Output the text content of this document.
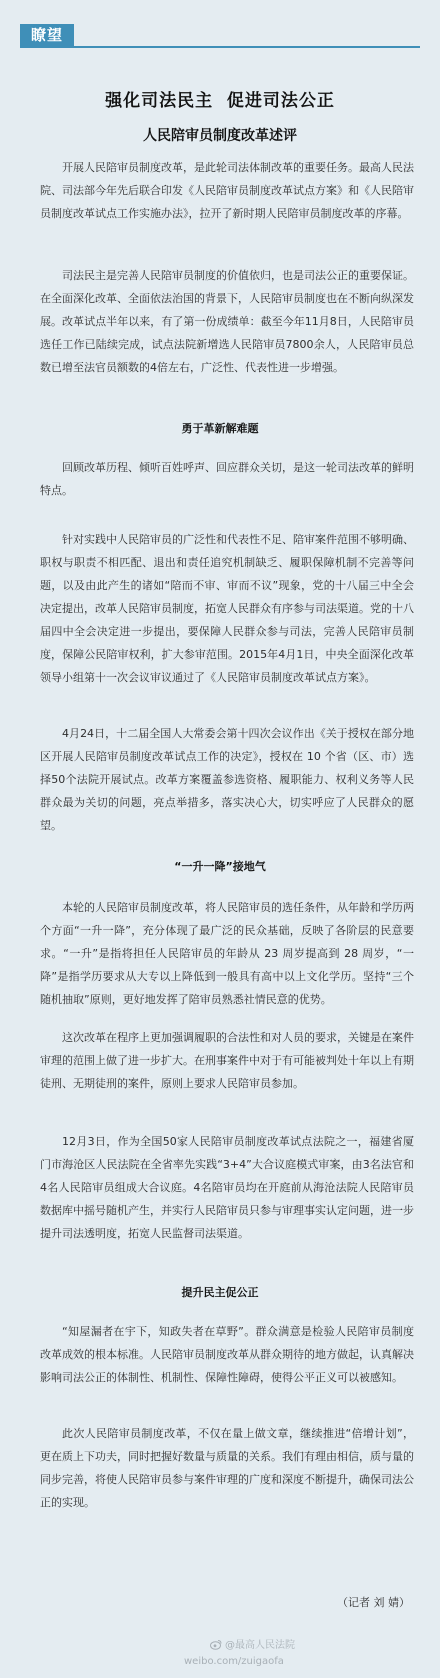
瞭望
强化司法民主  促进司法公正
人民陪审员制度改革述评

开展人民陪审员制度改革，是此轮司法体制改革的重要任务。最高人民法院、司法部今年先后联合印发《人民陪审员制度改革试点方案》和《人民陪审员制度改革试点工作实施办法》，拉开了新时期人民陪审员制度改革的序幕。

司法民主是完善人民陪审员制度的价值依归，也是司法公正的重要保证。在全面深化改革、全面依法治国的背景下，人民陪审员制度也在不断向纵深发展。改革试点半年以来，有了第一份成绩单：截至今年11月8日，人民陪审员选任工作已陆续完成，试点法院新增选人民陪审员7800余人，人民陪审员总数已增至法官员额数的4倍左右，广泛性、代表性进一步增强。

勇于革新解难题

回顾改革历程、倾听百姓呼声、回应群众关切，是这一轮司法改革的鲜明特点。

针对实践中人民陪审员的广泛性和代表性不足、陪审案件范围不够明确、职权与职责不相匹配、退出和责任追究机制缺乏、履职保障机制不完善等问题，以及由此产生的诸如“陪而不审、审而不议”现象，党的十八届三中全会决定提出，改革人民陪审员制度，拓宽人民群众有序参与司法渠道。党的十八届四中全会决定进一步提出，要保障人民群众参与司法，完善人民陪审员制度，保障公民陪审权利，扩大参审范围。2015年4月1日，中央全面深化改革领导小组第十一次会议审议通过了《人民陪审员制度改革试点方案》。

4月24日，十二届全国人大常委会第十四次会议作出《关于授权在部分地区开展人民陪审员制度改革试点工作的决定》，授权在 10 个省（区、市）选择50个法院开展试点。改革方案覆盖参选资格、履职能力、权利义务等人民群众最为关切的问题，亮点举措多，落实决心大，切实呼应了人民群众的愿望。

“一升一降”接地气

本轮的人民陪审员制度改革，将人民陪审员的选任条件，从年龄和学历两个方面“一升一降”，充分体现了最广泛的民众基础，反映了各阶层的民意要求。“一升”是指将担任人民陪审员的年龄从 23 周岁提高到 28 周岁，“一降”是指学历要求从大专以上降低到一般具有高中以上文化学历。坚持“三个随机抽取”原则，更好地发挥了陪审员熟悉社情民意的优势。

这次改革在程序上更加强调履职的合法性和对人员的要求，关键是在案件审理的范围上做了进一步扩大。在刑事案件中对于有可能被判处十年以上有期徒刑、无期徒刑的案件，原则上要求人民陪审员参加。

12月3日，作为全国50家人民陪审员制度改革试点法院之一，福建省厦门市海沧区人民法院在全省率先实践“3+4”大合议庭模式审案，由3名法官和4名人民陪审员组成大合议庭。4名陪审员均在开庭前从海沧法院人民陪审员数据库中摇号随机产生，并实行人民陪审员只参与审理事实认定问题，进一步提升司法透明度，拓宽人民监督司法渠道。

提升民主促公正

“知屋漏者在宇下，知政失者在草野”。群众满意是检验人民陪审员制度改革成效的根本标准。人民陪审员制度改革从群众期待的地方做起，认真解决影响司法公正的体制性、机制性、保障性障碍，使得公平正义可以被感知。

此次人民陪审员制度改革，不仅在量上做文章，继续推进“倍增计划”，更在质上下功夫，同时把握好数量与质量的关系。我们有理由相信，质与量的同步完善，将使人民陪审员参与案件审理的广度和深度不断提升，确保司法公正的实现。

（记者 刘 婧）
@最高人民法院
weibo.com/zuigaofa
